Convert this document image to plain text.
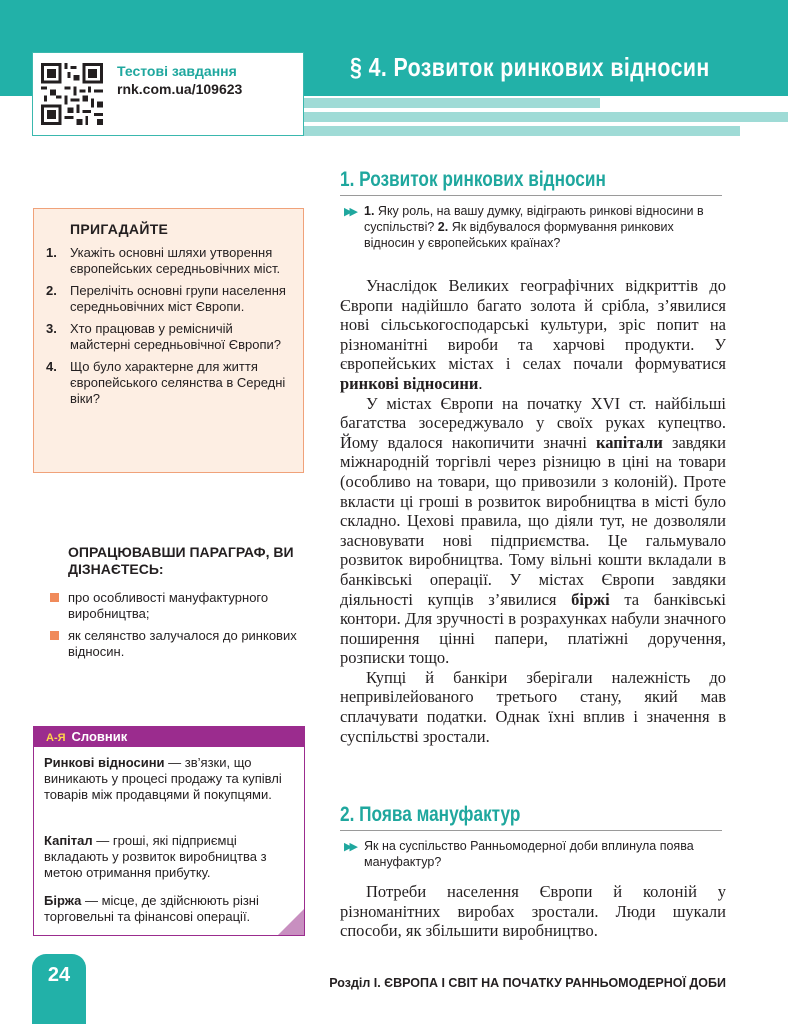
Тестові завдання
rnk.com.ua/109623
§ 4. Розвиток ринкових відносин
ПРИГАДАЙТЕ
1. Укажіть основні шляхи утворення європейських середньовічних міст.
2. Перелічіть основні групи населення середньовічних міст Європи.
3. Хто працював у ремісничій майстерні середньовічної Європи?
4. Що було характерне для життя європейського селянства в Середні віки?
ОПРАЦЮВАВШИ ПАРАГРАФ, ВИ ДІЗНАЄТЕСЬ:
про особливості мануфактурного виробництва;
як селянство залучалося до ринкових відносин.
A-Я Словник
Ринкові відносини — зв’язки, що виникають у процесі продажу та купівлі товарів між продавцями й покупцями.
Капітал — гроші, які підприємці вкладають у розвиток виробництва з метою отримання прибутку.
Біржа — місце, де здійснюють різні торговельні та фінансові операції.
1. Розвиток ринкових відносин
▶▶ 1. Яку роль, на вашу думку, відіграють ринкові відносини в суспільстві? 2. Як відбувалося формування ринкових відносин у європейських країнах?

Унаслідок Великих географічних відкриттів до Європи надійшло багато золота й срібла, з’явилися нові сільськогосподарські культури, зріс попит на різноманітні вироби та харчові продукти. У європейських містах і селах почали формуватися ринкові відносини.

У містах Європи на початку XVI ст. найбільші багатства зосереджувало у своїх руках купецтво. Йому вдалося накопичити значні капітали завдяки міжнародній торгівлі через різницю в ціні на товари (особливо на товари, що привозили з колоній). Проте вкласти ці гроші в розвиток виробництва в місті було складно. Цехові правила, що діяли тут, не дозволяли засновувати нові підприємства. Це гальмувало розвиток виробництва. Тому вільні кошти вкладали в банківські операції. У містах Європи завдяки діяльності купців з’явилися біржі та банківські контори. Для зручності в розрахунках набули значного поширення цінні папери, платіжні доручення, розписки тощо.

Купці й банкіри зберігали належність до непривілейованого третього стану, який мав сплачувати податки. Однак їхні вплив і значення в суспільстві зростали.

2. Поява мануфактур
▶▶ Як на суспільство Ранньомодерної доби вплинула поява мануфактур?

Потреби населення Європи й колоній у різноманітних виробах зростали. Люди шукали способи, як збільшити виробництво.

24	Розділ І. ЄВРОПА І СВІТ НА ПОЧАТКУ РАННЬОМОДЕРНОЇ ДОБИ
